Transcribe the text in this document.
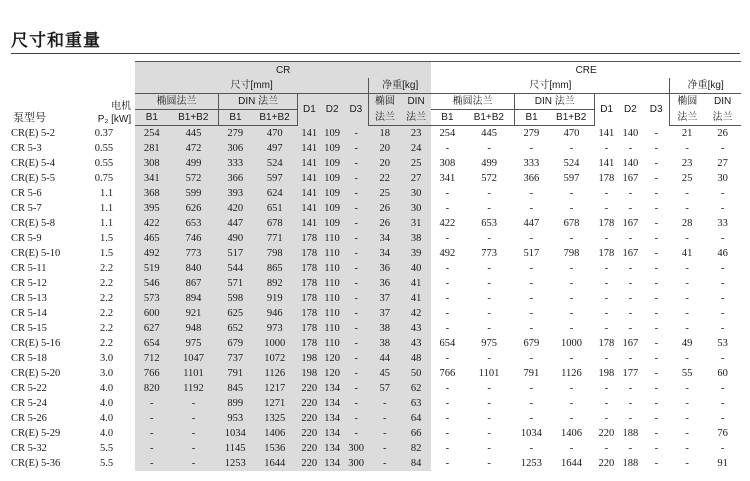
尺寸和重量
泵型号	电机
P₂ [kW]	CR									CRE								
		尺寸[mm]							净重[kg]		尺寸[mm]							净重[kg]	
		椭圆法兰		DIN 法兰		D1	D2	D3	椭圆	DIN	椭圆法兰		DIN 法兰		D1	D2	D3	椭圆	DIN
		B1	B1+B2	B1	B1+B2				法兰	法兰	B1	B1+B2	B1	B1+B2				法兰	法兰
CR(E) 5-2	0.37	254	445	279	470	141	109	-	18	23	254	445	279	470	141	140	-	21	26
CR 5-3	0.55	281	472	306	497	141	109	-	20	24	-	-	-	-	-	-	-	-	-
CR(E) 5-4	0.55	308	499	333	524	141	109	-	20	25	308	499	333	524	141	140	-	23	27
CR(E) 5-5	0.75	341	572	366	597	141	109	-	22	27	341	572	366	597	178	167	-	25	30
CR 5-6	1.1	368	599	393	624	141	109	-	25	30	-	-	-	-	-	-	-	-	-
CR 5-7	1.1	395	626	420	651	141	109	-	26	30	-	-	-	-	-	-	-	-	-
CR(E) 5-8	1.1	422	653	447	678	141	109	-	26	31	422	653	447	678	178	167	-	28	33
CR 5-9	1.5	465	746	490	771	178	110	-	34	38	-	-	-	-	-	-	-	-	-
CR(E) 5-10	1.5	492	773	517	798	178	110	-	34	39	492	773	517	798	178	167	-	41	46
CR 5-11	2.2	519	840	544	865	178	110	-	36	40	-	-	-	-	-	-	-	-	-
CR 5-12	2.2	546	867	571	892	178	110	-	36	41	-	-	-	-	-	-	-	-	-
CR 5-13	2.2	573	894	598	919	178	110	-	37	41	-	-	-	-	-	-	-	-	-
CR 5-14	2.2	600	921	625	946	178	110	-	37	42	-	-	-	-	-	-	-	-	-
CR 5-15	2.2	627	948	652	973	178	110	-	38	43	-	-	-	-	-	-	-	-	-
CR(E) 5-16	2.2	654	975	679	1000	178	110	-	38	43	654	975	679	1000	178	167	-	49	53
CR 5-18	3.0	712	1047	737	1072	198	120	-	44	48	-	-	-	-	-	-	-	-	-
CR(E) 5-20	3.0	766	1101	791	1126	198	120	-	45	50	766	1101	791	1126	198	177	-	55	60
CR 5-22	4.0	820	1192	845	1217	220	134	-	57	62	-	-	-	-	-	-	-	-	-
CR 5-24	4.0	-	-	899	1271	220	134	-	-	63	-	-	-	-	-	-	-	-	-
CR 5-26	4.0	-	-	953	1325	220	134	-	-	64	-	-	-	-	-	-	-	-	-
CR(E) 5-29	4.0	-	-	1034	1406	220	134	-	-	66	-	-	1034	1406	220	188	-	-	76
CR 5-32	5.5	-	-	1145	1536	220	134	300	-	82	-	-	-	-	-	-	-	-	-
CR(E) 5-36	5.5	-	-	1253	1644	220	134	300	-	84	-	-	1253	1644	220	188	-	-	91
